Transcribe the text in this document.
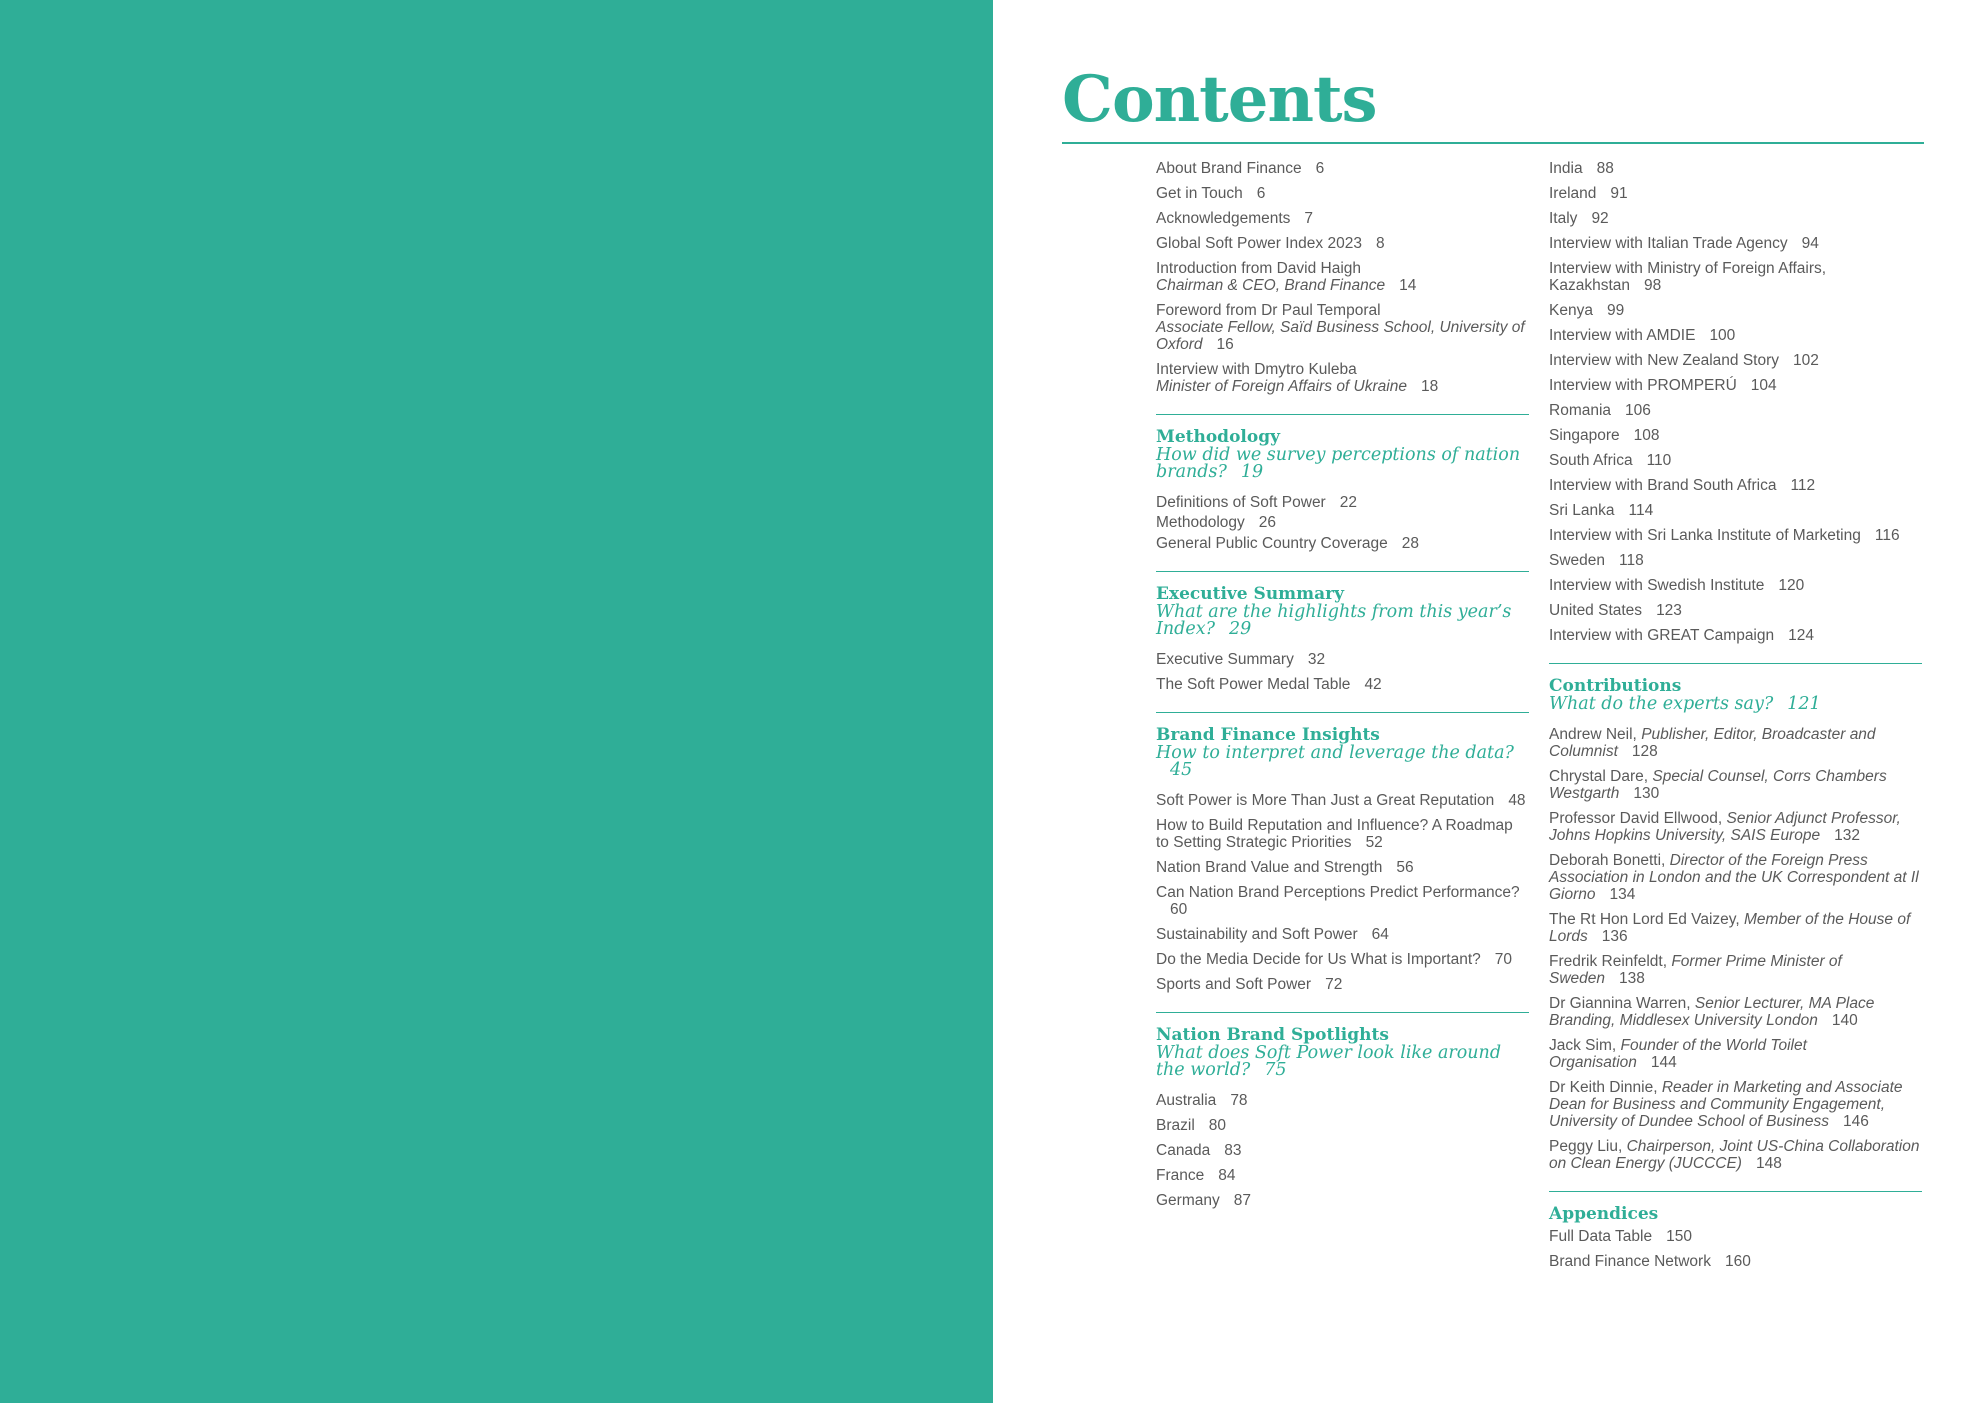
Contents
About Brand Finance 6
Get in Touch 6
Acknowledgements 7
Global Soft Power Index 2023 8
Introduction from David Haigh
Chairman & CEO, Brand Finance 14
Foreword from Dr Paul Temporal
Associate Fellow, Saïd Business School, University of Oxford 16
Interview with Dmytro Kuleba
Minister of Foreign Affairs of Ukraine 18
Methodology
How did we survey perceptions of nation brands? 19
Definitions of Soft Power 22
Methodology 26
General Public Country Coverage 28
Executive Summary
What are the highlights from this year’s Index? 29
Executive Summary 32
The Soft Power Medal Table 42
Brand Finance Insights
How to interpret and leverage the data?45
Soft Power is More Than Just a Great Reputation 48
How to Build Reputation and Influence? A Roadmap to Setting Strategic Priorities 52
Nation Brand Value and Strength 56
Can Nation Brand Perceptions Predict Performance?60
Sustainability and Soft Power 64
Do the Media Decide for Us What is Important? 70
Sports and Soft Power 72
Nation Brand Spotlights
What does Soft Power look like around the world? 75
Australia 78
Brazil 80
Canada 83
France 84
Germany 87
India 88
Ireland 91
Italy 92
Interview with Italian Trade Agency 94
Interview with Ministry of Foreign Affairs, Kazakhstan 98
Kenya 99
Interview with AMDIE 100
Interview with New Zealand Story 102
Interview with PROMPERÚ 104
Romania 106
Singapore 108
South Africa 110
Interview with Brand South Africa 112
Sri Lanka 114
Interview with Sri Lanka Institute of Marketing 116
Sweden 118
Interview with Swedish Institute 120
United States 123
Interview with GREAT Campaign 124
Contributions
What do the experts say? 121
Andrew Neil, Publisher, Editor, Broadcaster and Columnist 128
Chrystal Dare, Special Counsel, Corrs Chambers Westgarth 130
Professor David Ellwood, Senior Adjunct Professor, Johns Hopkins University, SAIS Europe 132
Deborah Bonetti, Director of the Foreign Press Association in London and the UK Correspondent at Il Giorno 134
The Rt Hon Lord Ed Vaizey, Member of the House of Lords 136
Fredrik Reinfeldt, Former Prime Minister of Sweden 138
Dr Giannina Warren, Senior Lecturer, MA Place Branding, Middlesex University London 140
Jack Sim, Founder of the World Toilet Organisation 144
Dr Keith Dinnie, Reader in Marketing and Associate Dean for Business and Community Engagement, University of Dundee School of Business 146
Peggy Liu, Chairperson, Joint US-China Collaboration on Clean Energy (JUCCCE) 148
Appendices
Full Data Table 150
Brand Finance Network 160
